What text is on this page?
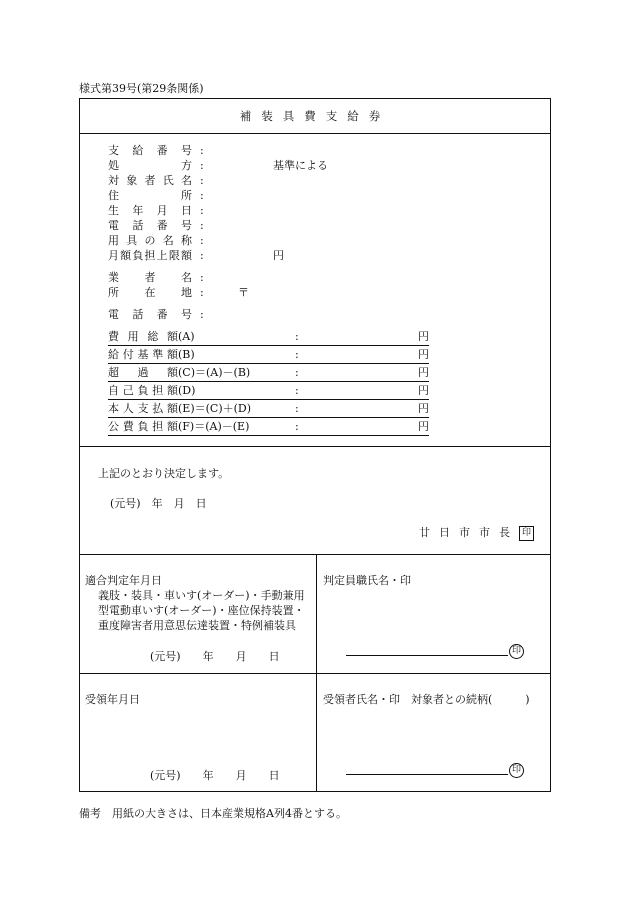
様式第39号(第29条関係)
補装具費支給券
支給番号 :
処方 :	基準による
対象者氏名 :
住所 :
生年月日 :
電話番号 :
用具の名称 :
月額負担上限額 :	円
業者名 :
所在地 :	〒
電話番号 :
費用総額(A)	:	円
給付基準額(B)	:	円
超過額(C)＝(A)－(B)	:	円
自己負担額(D)	:	円
本人支払額(E)＝(C)＋(D)	:	円
公費負担額(F)＝(A)－(E)	:	円
上記のとおり決定します。
(元号)　年　月　日
廿日市市長 印
適合判定年月日
義肢・装具・車いす(オーダー)・手動兼用型電動車いす(オーダー)・座位保持装置・重度障害者用意思伝達装置・特例補装具
(元号)　　年　　月　　日
判定員職氏名・印
印
受領年月日
(元号)　　年　　月　　日
受領者氏名・印　対象者との続柄(　　　)
印
備考　用紙の大きさは、日本産業規格A列4番とする。
